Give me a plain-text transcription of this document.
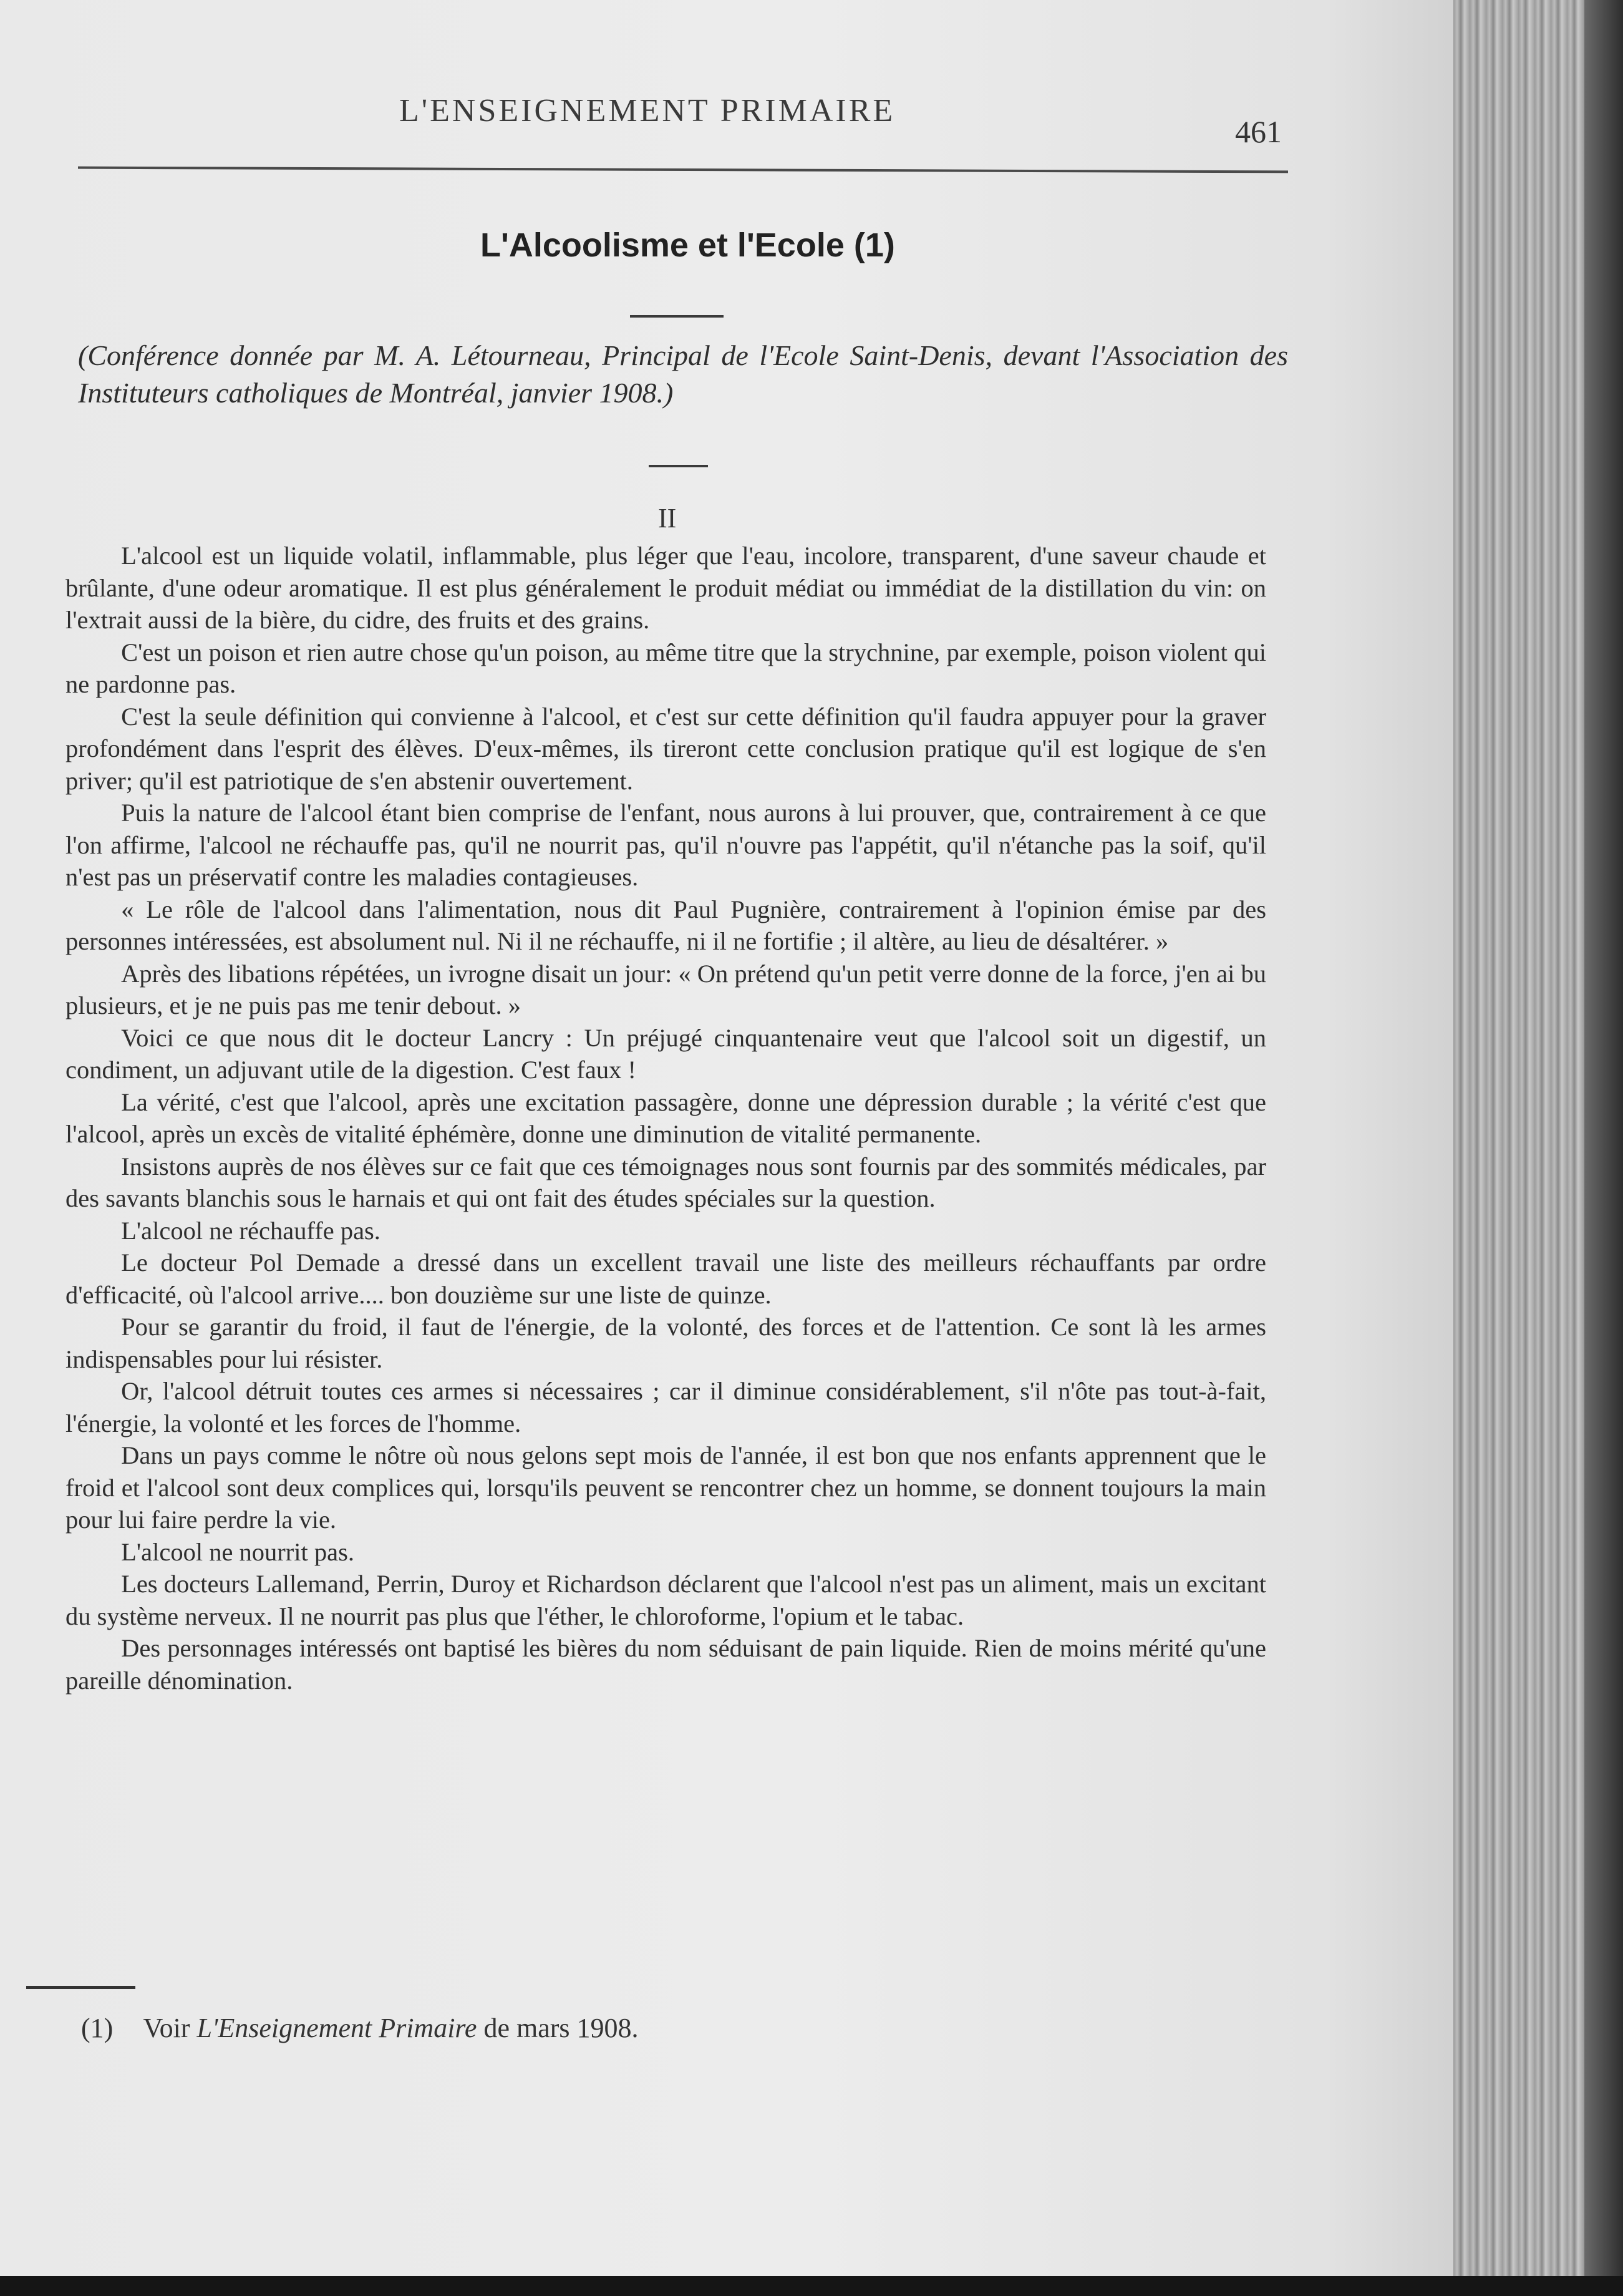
L'ENSEIGNEMENT PRIMAIRE
461
L'Alcoolisme et l'Ecole (1)
(Conférence donnée par M. A. Létourneau, Principal de l'Ecole Saint-Denis, devant l'Association des Instituteurs catholiques de Montréal, janvier 1908.)
II

L'alcool est un liquide volatil, inflammable, plus léger que l'eau, incolore, transparent, d'une saveur chaude et brûlante, d'une odeur aromatique. Il est plus généralement le produit médiat ou immédiat de la distillation du vin: on l'extrait aussi de la bière, du cidre, des fruits et des grains.

C'est un poison et rien autre chose qu'un poison, au même titre que la strychnine, par exemple, poison violent qui ne pardonne pas.

C'est la seule définition qui convienne à l'alcool, et c'est sur cette définition qu'il faudra appuyer pour la graver profondément dans l'esprit des élèves. D'eux-mêmes, ils tireront cette conclusion pratique qu'il est logique de s'en priver; qu'il est patriotique de s'en abstenir ouvertement.

Puis la nature de l'alcool étant bien comprise de l'enfant, nous aurons à lui prouver, que, contrairement à ce que l'on affirme, l'alcool ne réchauffe pas, qu'il ne nourrit pas, qu'il n'ouvre pas l'appétit, qu'il n'étanche pas la soif, qu'il n'est pas un préservatif contre les maladies contagieuses.

« Le rôle de l'alcool dans l'alimentation, nous dit Paul Pugnière, contrairement à l'opinion émise par des personnes intéressées, est absolument nul. Ni il ne réchauffe, ni il ne fortifie ; il altère, au lieu de désaltérer. »

Après des libations répétées, un ivrogne disait un jour: « On prétend qu'un petit verre donne de la force, j'en ai bu plusieurs, et je ne puis pas me tenir debout. »

Voici ce que nous dit le docteur Lancry : Un préjugé cinquantenaire veut que l'alcool soit un digestif, un condiment, un adjuvant utile de la digestion. C'est faux !

La vérité, c'est que l'alcool, après une excitation passagère, donne une dépression durable ; la vérité c'est que l'alcool, après un excès de vitalité éphémère, donne une diminution de vitalité permanente.

Insistons auprès de nos élèves sur ce fait que ces témoignages nous sont fournis par des sommités médicales, par des savants blanchis sous le harnais et qui ont fait des études spéciales sur la question.

L'alcool ne réchauffe pas.

Le docteur Pol Demade a dressé dans un excellent travail une liste des meilleurs réchauffants par ordre d'efficacité, où l'alcool arrive.... bon douzième sur une liste de quinze.

Pour se garantir du froid, il faut de l'énergie, de la volonté, des forces et de l'attention. Ce sont là les armes indispensables pour lui résister.

Or, l'alcool détruit toutes ces armes si nécessaires ; car il diminue considérablement, s'il n'ôte pas tout-à-fait, l'énergie, la volonté et les forces de l'homme.

Dans un pays comme le nôtre où nous gelons sept mois de l'année, il est bon que nos enfants apprennent que le froid et l'alcool sont deux complices qui, lorsqu'ils peuvent se rencontrer chez un homme, se donnent toujours la main pour lui faire perdre la vie.

L'alcool ne nourrit pas.

Les docteurs Lallemand, Perrin, Duroy et Richardson déclarent que l'alcool n'est pas un aliment, mais un excitant du système nerveux. Il ne nourrit pas plus que l'éther, le chloroforme, l'opium et le tabac.

Des personnages intéressés ont baptisé les bières du nom séduisant de pain liquide. Rien de moins mérité qu'une pareille dénomination.

(1) Voir L'Enseignement Primaire de mars 1908.
